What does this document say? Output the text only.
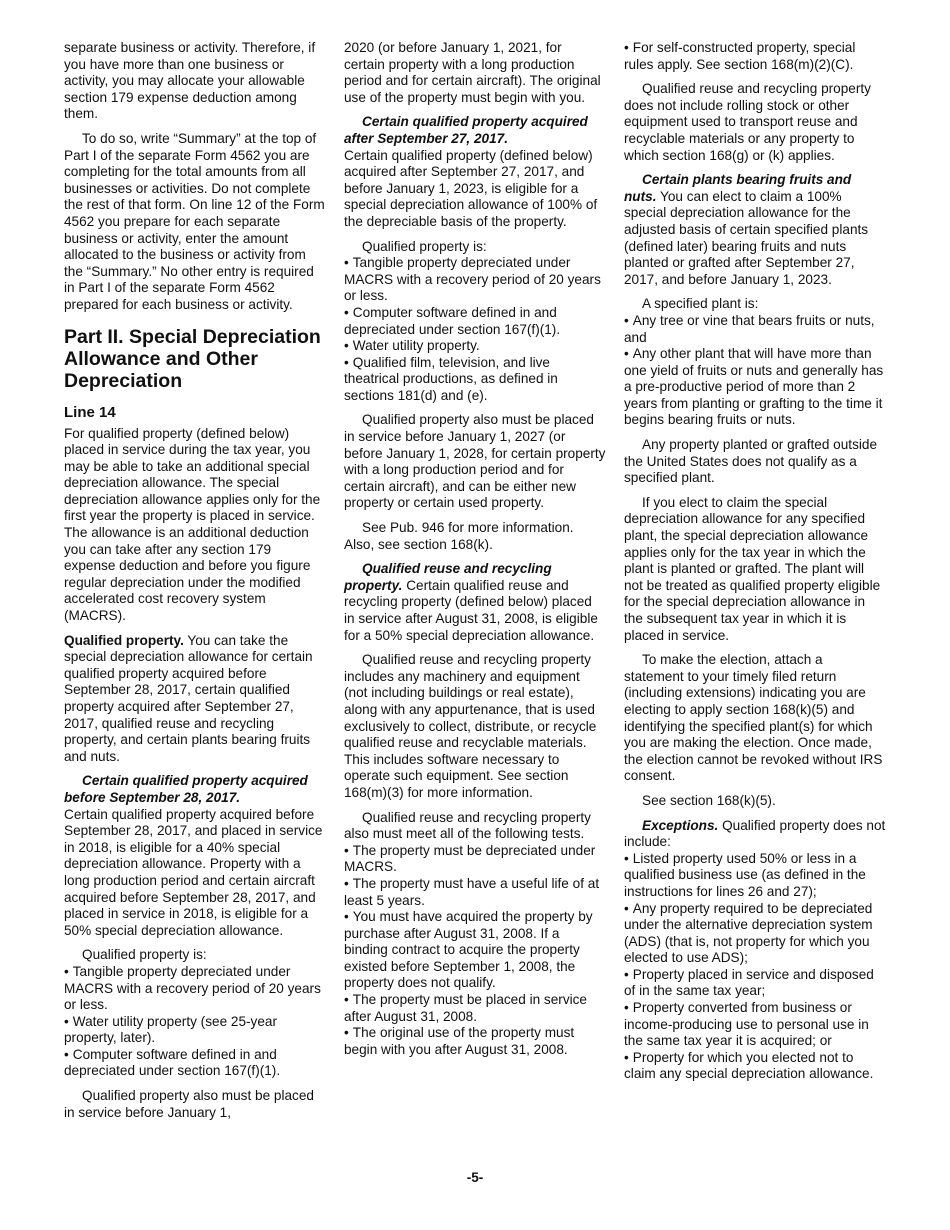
separate business or activity. Therefore, if you have more than one business or activity, you may allocate your allowable section 179 expense deduction among them.

To do so, write “Summary” at the top of Part I of the separate Form 4562 you are completing for the total amounts from all businesses or activities. Do not complete the rest of that form. On line 12 of the Form 4562 you prepare for each separate business or activity, enter the amount allocated to the business or activity from the “Summary.” No other entry is required in Part I of the separate Form 4562 prepared for each business or activity.

Part II. Special Depreciation Allowance and Other Depreciation
Line 14

For qualified property (defined below) placed in service during the tax year, you may be able to take an additional special depreciation allowance. The special depreciation allowance applies only for the first year the property is placed in service. The allowance is an additional deduction you can take after any section 179 expense deduction and before you figure regular depreciation under the modified accelerated cost recovery system (MACRS).

Qualified property. You can take the special depreciation allowance for certain qualified property acquired before September 28, 2017, certain qualified property acquired after September 27, 2017, qualified reuse and recycling property, and certain plants bearing fruits and nuts.

Certain qualified property acquired before September 28, 2017.

Certain qualified property acquired before September 28, 2017, and placed in service in 2018, is eligible for a 40% special depreciation allowance. Property with a long production period and certain aircraft acquired before September 28, 2017, and placed in service in 2018, is eligible for a 50% special depreciation allowance.

Qualified property is:

• Tangible property depreciated under MACRS with a recovery period of 20 years or less.

• Water utility property (see 25-year property, later).

• Computer software defined in and depreciated under section 167(f)(1).

Qualified property also must be placed in service before January 1,

2020 (or before January 1, 2021, for certain property with a long production period and for certain aircraft). The original use of the property must begin with you.

Certain qualified property acquired after September 27, 2017.

Certain qualified property (defined below) acquired after September 27, 2017, and before January 1, 2023, is eligible for a special depreciation allowance of 100% of the depreciable basis of the property.

Qualified property is:

• Tangible property depreciated under MACRS with a recovery period of 20 years or less.

• Computer software defined in and depreciated under section 167(f)(1).

• Water utility property.

• Qualified film, television, and live theatrical productions, as defined in sections 181(d) and (e).

Qualified property also must be placed in service before January 1, 2027 (or before January 1, 2028, for certain property with a long production period and for certain aircraft), and can be either new property or certain used property.

See Pub. 946 for more information. Also, see section 168(k).

Qualified reuse and recycling property. Certain qualified reuse and recycling property (defined below) placed in service after August 31, 2008, is eligible for a 50% special depreciation allowance.

Qualified reuse and recycling property includes any machinery and equipment (not including buildings or real estate), along with any appurtenance, that is used exclusively to collect, distribute, or recycle qualified reuse and recyclable materials. This includes software necessary to operate such equipment. See section 168(m)(3) for more information.

Qualified reuse and recycling property also must meet all of the following tests.

• The property must be depreciated under MACRS.

• The property must have a useful life of at least 5 years.

• You must have acquired the property by purchase after August 31, 2008. If a binding contract to acquire the property existed before September 1, 2008, the property does not qualify.

• The property must be placed in service after August 31, 2008.

• The original use of the property must begin with you after August 31, 2008.

• For self-constructed property, special rules apply. See section 168(m)(2)(C).

Qualified reuse and recycling property does not include rolling stock or other equipment used to transport reuse and recyclable materials or any property to which section 168(g) or (k) applies.

Certain plants bearing fruits and nuts. You can elect to claim a 100% special depreciation allowance for the adjusted basis of certain specified plants (defined later) bearing fruits and nuts planted or grafted after September 27, 2017, and before January 1, 2023.

A specified plant is:

• Any tree or vine that bears fruits or nuts, and

• Any other plant that will have more than one yield of fruits or nuts and generally has a pre-productive period of more than 2 years from planting or grafting to the time it begins bearing fruits or nuts.

Any property planted or grafted outside the United States does not qualify as a specified plant.

If you elect to claim the special depreciation allowance for any specified plant, the special depreciation allowance applies only for the tax year in which the plant is planted or grafted. The plant will not be treated as qualified property eligible for the special depreciation allowance in the subsequent tax year in which it is placed in service.

To make the election, attach a statement to your timely filed return (including extensions) indicating you are electing to apply section 168(k)(5) and identifying the specified plant(s) for which you are making the election. Once made, the election cannot be revoked without IRS consent.

See section 168(k)(5).

Exceptions. Qualified property does not include:

• Listed property used 50% or less in a qualified business use (as defined in the instructions for lines 26 and 27);

• Any property required to be depreciated under the alternative depreciation system (ADS) (that is, not property for which you elected to use ADS);

• Property placed in service and disposed of in the same tax year;

• Property converted from business or income-producing use to personal use in the same tax year it is acquired; or

• Property for which you elected not to claim any special depreciation allowance.

-5-
